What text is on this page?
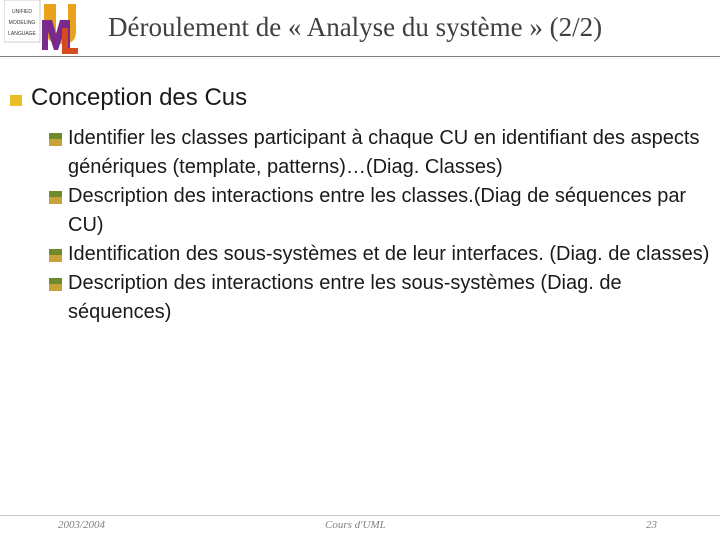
UNIFIED
MODELING
LANGUAGE	Déroulement de « Analyse du système » (2/2)
Conception des Cus
Identifier les classes participant à chaque CU en identifiant des aspects génériques (template, patterns)…(Diag. Classes)
Description des interactions entre les classes.(Diag de séquences par CU)
Identification des sous-systèmes et de leur interfaces. (Diag. de classes)
Description des interactions entre les sous-systèmes (Diag. de séquences)
2003/2004	Cours d'UML	23
